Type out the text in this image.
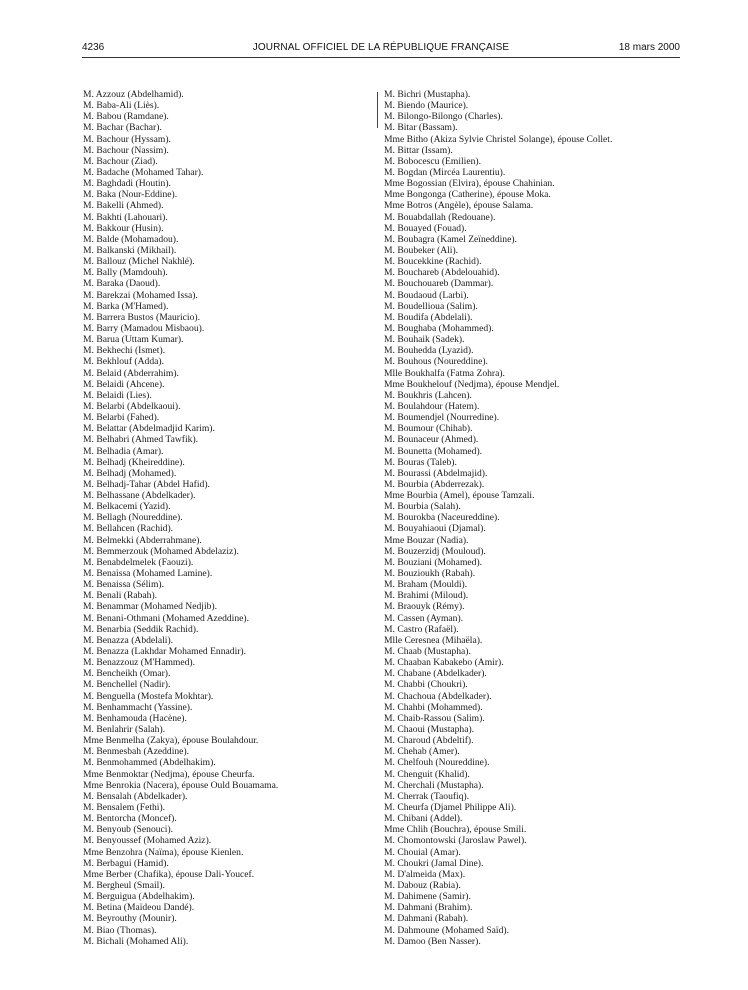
4236	JOURNAL OFFICIEL DE LA RÉPUBLIQUE FRANÇAISE	18 mars 2000
M. Azzouz (Abdelhamid).
M. Baba-Ali (Liès).
M. Babou (Ramdane).
M. Bachar (Bachar).
M. Bachour (Hyssam).
M. Bachour (Nassim).
M. Bachour (Ziad).
M. Badache (Mohamed Tahar).
M. Baghdadi (Houtin).
M. Baka (Nour-Eddine).
M. Bakelli (Ahmed).
M. Bakhti (Lahouari).
M. Bakkour (Husin).
M. Balde (Mohamadou).
M. Balkanski (Mikhail).
M. Ballouz (Michel Nakhlé).
M. Bally (Mamdouh).
M. Baraka (Daoud).
M. Barekzai (Mohamed Issa).
M. Barka (M'Hamed).
M. Barrera Bustos (Mauricio).
M. Barry (Mamadou Misbaou).
M. Barua (Uttam Kumar).
M. Bekhechi (Ismet).
M. Bekhlouf (Adda).
M. Belaid (Abderrahim).
M. Belaidi (Ahcene).
M. Belaidi (Lies).
M. Belarbi (Abdelkaoui).
M. Belarbi (Fahed).
M. Belattar (Abdelmadjid Karim).
M. Belhabri (Ahmed Tawfik).
M. Belhadia (Amar).
M. Belhadj (Kheireddine).
M. Belhadj (Mohamed).
M. Belhadj-Tahar (Abdel Hafid).
M. Belhassane (Abdelkader).
M. Belkacemi (Yazid).
M. Bellagh (Noureddine).
M. Bellahcen (Rachid).
M. Belmekki (Abderrahmane).
M. Bemmerzouk (Mohamed Abdelaziz).
M. Benabdelmelek (Faouzi).
M. Benaissa (Mohamed Lamine).
M. Benaissa (Sélim).
M. Benali (Rabah).
M. Benammar (Mohamed Nedjib).
M. Benani-Othmani (Mohamed Azeddine).
M. Benarbia (Seddik Rachid).
M. Benazza (Abdelali).
M. Benazza (Lakhdar Mohamed Ennadir).
M. Benazzouz (M'Hammed).
M. Bencheikh (Omar).
M. Benchellel (Nadir).
M. Benguella (Mostefa Mokhtar).
M. Benhammacht (Yassine).
M. Benhamouda (Hacène).
M. Benlahrir (Salah).
Mme Benmelha (Zakya), épouse Boulahdour.
M. Benmesbah (Azeddine).
M. Benmohammed (Abdelhakim).
Mme Benmoktar (Nedjma), épouse Cheurfa.
Mme Benrokia (Nacera), épouse Ould Bouamama.
M. Bensalah (Abdelkader).
M. Bensalem (Fethi).
M. Bentorcha (Moncef).
M. Benyoub (Senouci).
M. Benyoussef (Mohamed Aziz).
Mme Benzohra (Naïma), épouse Kienlen.
M. Berbagui (Hamid).
Mme Berber (Chafika), épouse Dali-Youcef.
M. Bergheul (Smail).
M. Berguigua (Abdelhakim).
M. Betina (Maïdeou Dandé).
M. Beyrouthy (Mounir).
M. Biao (Thomas).
M. Bichali (Mohamed Ali).
M. Bichri (Mustapha).
M. Biendo (Maurice).
M. Bilongo-Bilongo (Charles).
M. Bitar (Bassam).
Mme Bitho (Akiza Sylvie Christel Solange), épouse Collet.
M. Bittar (Issam).
M. Bobocescu (Emilien).
M. Bogdan (Mircéa Laurentiu).
Mme Bogossian (Elvira), épouse Chahinian.
Mme Bongonga (Catherine), épouse Moka.
Mme Botros (Angèle), épouse Salama.
M. Bouabdallah (Redouane).
M. Bouayed (Fouad).
M. Boubagra (Kamel Zeïneddine).
M. Boubeker (Ali).
M. Boucekkine (Rachid).
M. Bouchareb (Abdelouahid).
M. Bouchouareb (Dammar).
M. Boudaoud (Larbi).
M. Boudellioua (Salim).
M. Boudifa (Abdelali).
M. Boughaba (Mohammed).
M. Bouhaik (Sadek).
M. Bouhedda (Lyazid).
M. Bouhous (Noureddine).
Mlle Boukhalfa (Fatma Zohra).
Mme Boukhelouf (Nedjma), épouse Mendjel.
M. Boukhris (Lahcen).
M. Boulahdour (Hatem).
M. Boumendjel (Nourredine).
M. Boumour (Chihab).
M. Bounaceur (Ahmed).
M. Bounetta (Mohamed).
M. Bouras (Taleb).
M. Bourassi (Abdelmajid).
M. Bourbia (Abderrezak).
Mme Bourbia (Amel), épouse Tamzali.
M. Bourbia (Salah).
M. Bourokba (Naceureddine).
M. Bouyahiaoui (Djamal).
Mme Bouzar (Nadia).
M. Bouzerzidj (Mouloud).
M. Bouziani (Mohamed).
M. Bouzioukh (Rabah).
M. Braham (Mouldi).
M. Brahimi (Miloud).
M. Braouyk (Rémy).
M. Cassen (Ayman).
M. Castro (Rafaël).
Mlle Ceresnea (Mihaëla).
M. Chaab (Mustapha).
M. Chaaban Kabakebo (Amir).
M. Chabane (Abdelkader).
M. Chabbi (Choukri).
M. Chachoua (Abdelkader).
M. Chahbi (Mohammed).
M. Chaib-Rassou (Salim).
M. Chaoui (Mustapha).
M. Charoud (Abdeltif).
M. Chehab (Amer).
M. Chelfouh (Noureddine).
M. Chenguit (Khalid).
M. Cherchali (Mustapha).
M. Cherrak (Taoufiq).
M. Cheurfa (Djamel Philippe Ali).
M. Chibani (Addel).
Mme Chlih (Bouchra), épouse Smili.
M. Chomontowski (Jaroslaw Pawel).
M. Chouial (Amar).
M. Choukri (Jamal Dine).
M. D'almeida (Max).
M. Dabouz (Rabia).
M. Dahimene (Samir).
M. Dahmani (Brahim).
M. Dahmani (Rabah).
M. Dahmoune (Mohamed Saïd).
M. Damoo (Ben Nasser).
